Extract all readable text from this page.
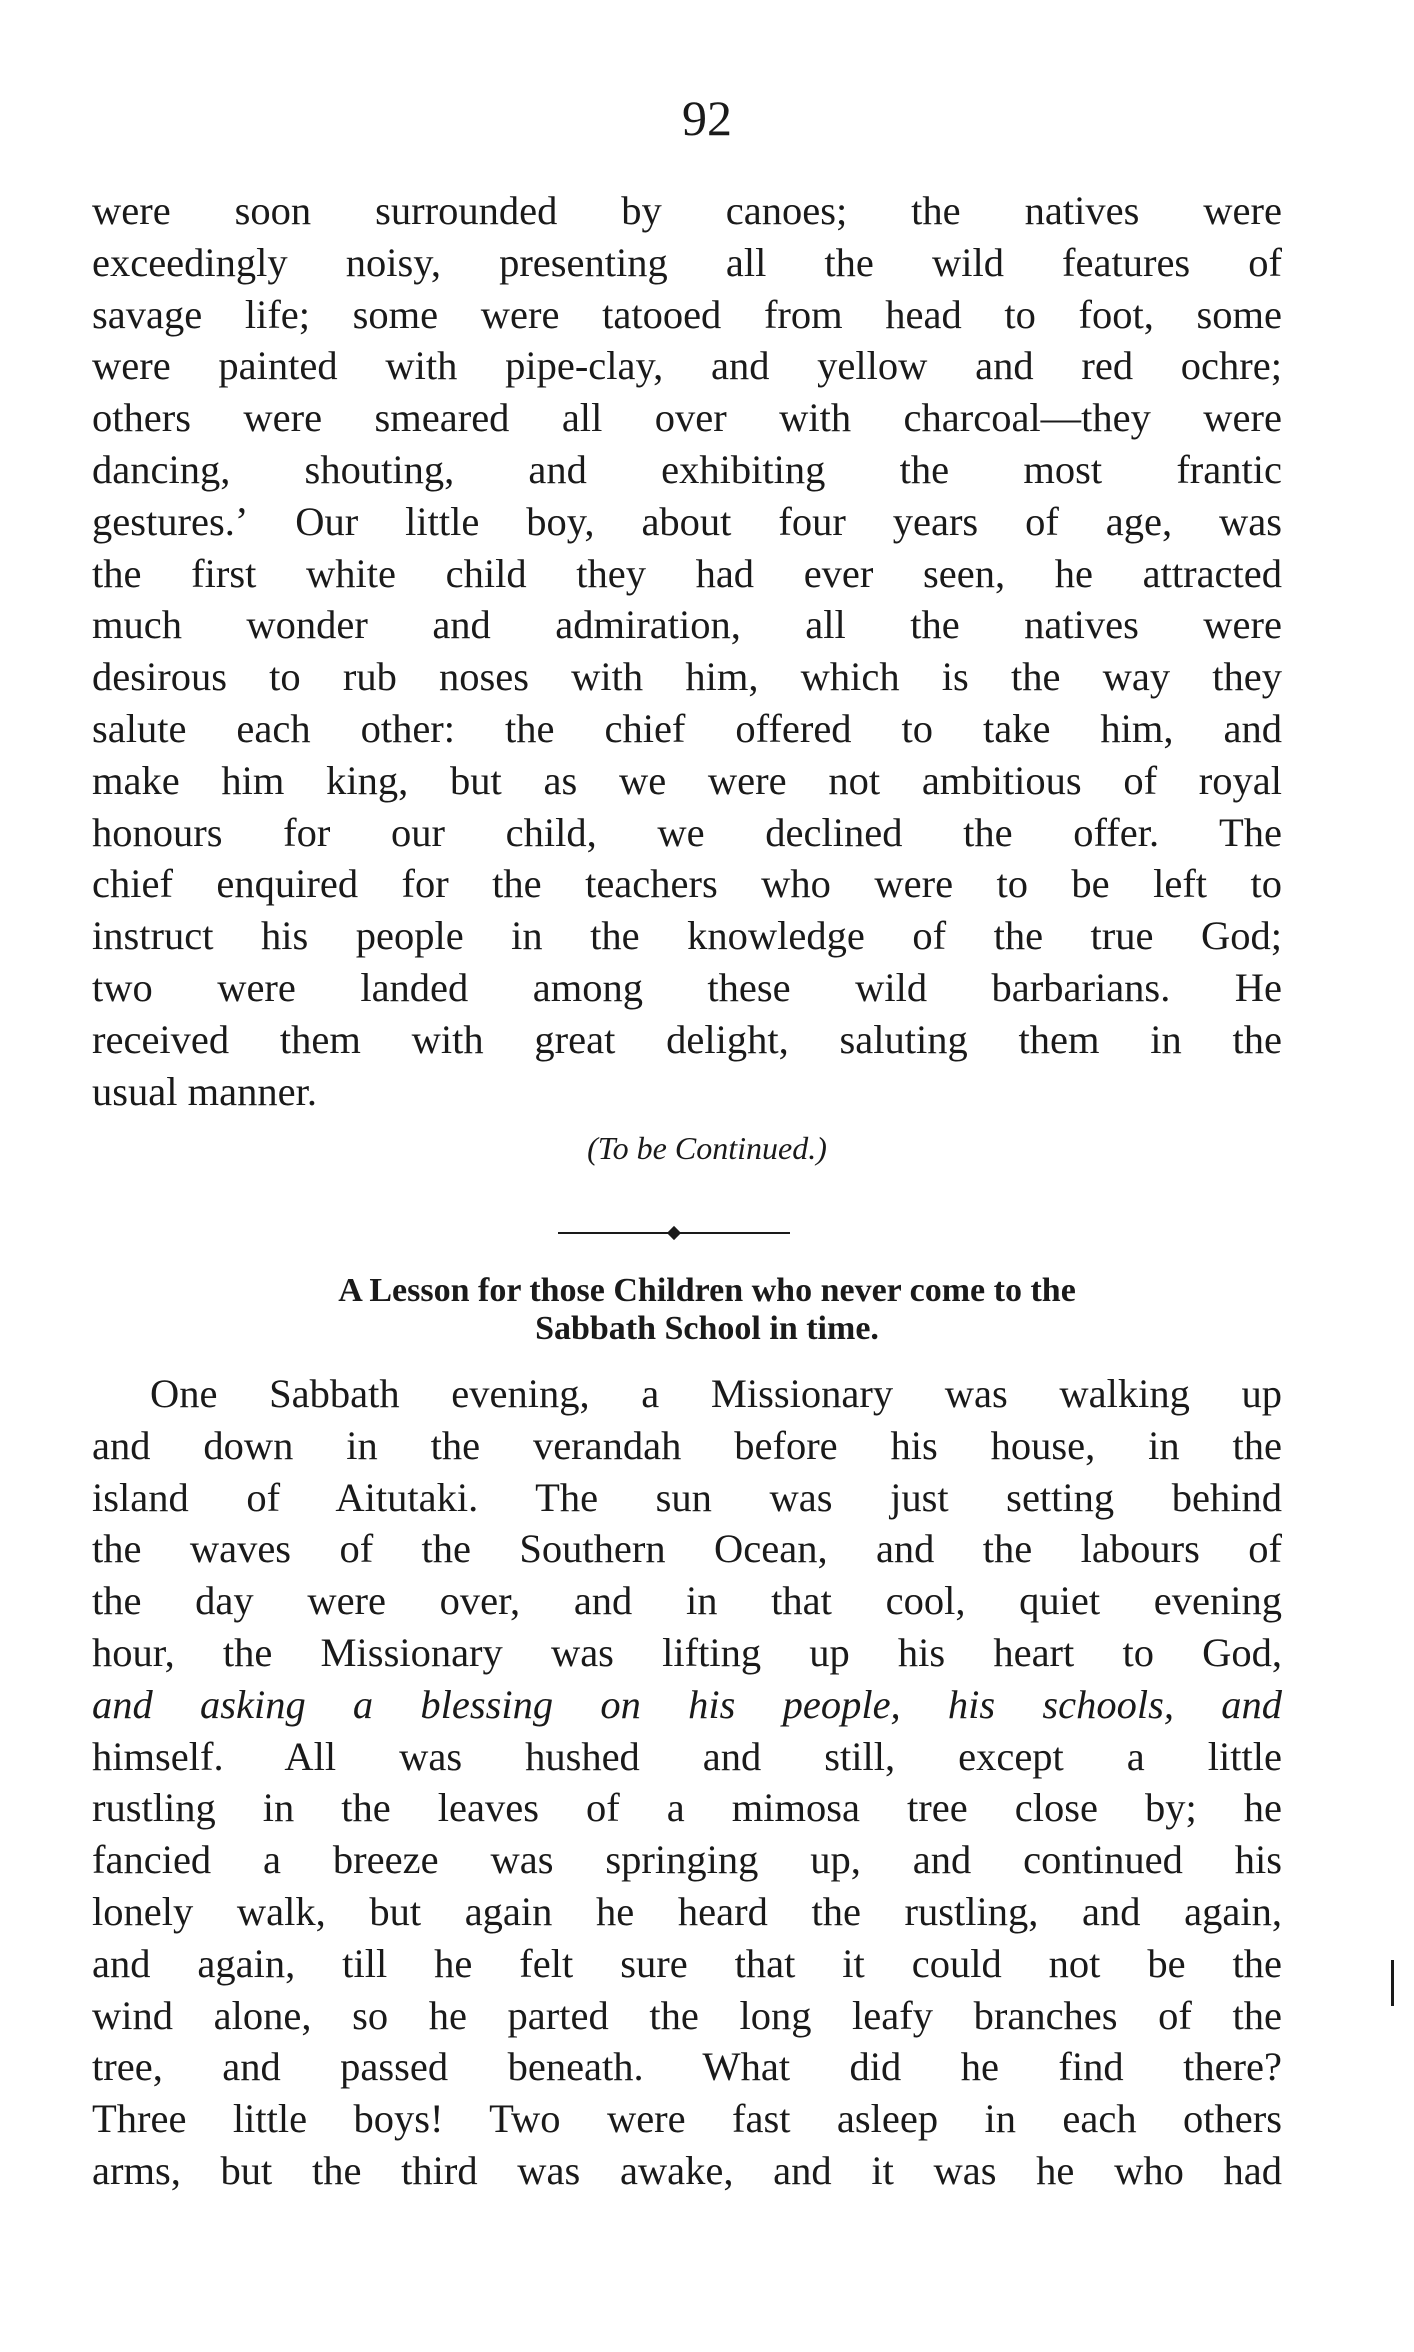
92
were soon surrounded by canoes; the natives were
exceedingly noisy, presenting all the wild features of
savage life; some were tatooed from head to foot, some
were painted with pipe-clay, and yellow and red ochre;
others were smeared all over with charcoal—they were
dancing, shouting, and exhibiting the most frantic
gestures.ʼ Our little boy, about four years of age, was
the first white child they had ever seen, he attracted
much wonder and admiration, all the natives were
desirous to rub noses with him, which is the way they
salute each other: the chief offered to take him, and
make him king, but as we were not ambitious of royal
honours for our child, we declined the offer. The
chief enquired for the teachers who were to be left to
instruct his people in the knowledge of the true God;
two were landed among these wild barbarians. He
received them with great delight, saluting them in the
usual manner.
(To be Continued.)
A Lesson for those Children who never come to the
Sabbath School in time.
One Sabbath evening, a Missionary was walking up
and down in the verandah before his house, in the
island of Aitutaki. The sun was just setting behind
the waves of the Southern Ocean, and the labours of
the day were over, and in that cool, quiet evening
hour, the Missionary was lifting up his heart to God,
and asking a blessing on his people, his schools, and
himself. All was hushed and still, except a little
rustling in the leaves of a mimosa tree close by; he
fancied a breeze was springing up, and continued his
lonely walk, but again he heard the rustling, and again,
and again, till he felt sure that it could not be the
wind alone, so he parted the long leafy branches of the
tree, and passed beneath. What did he find there?
Three little boys! Two were fast asleep in each others
arms, but the third was awake, and it was he who had
